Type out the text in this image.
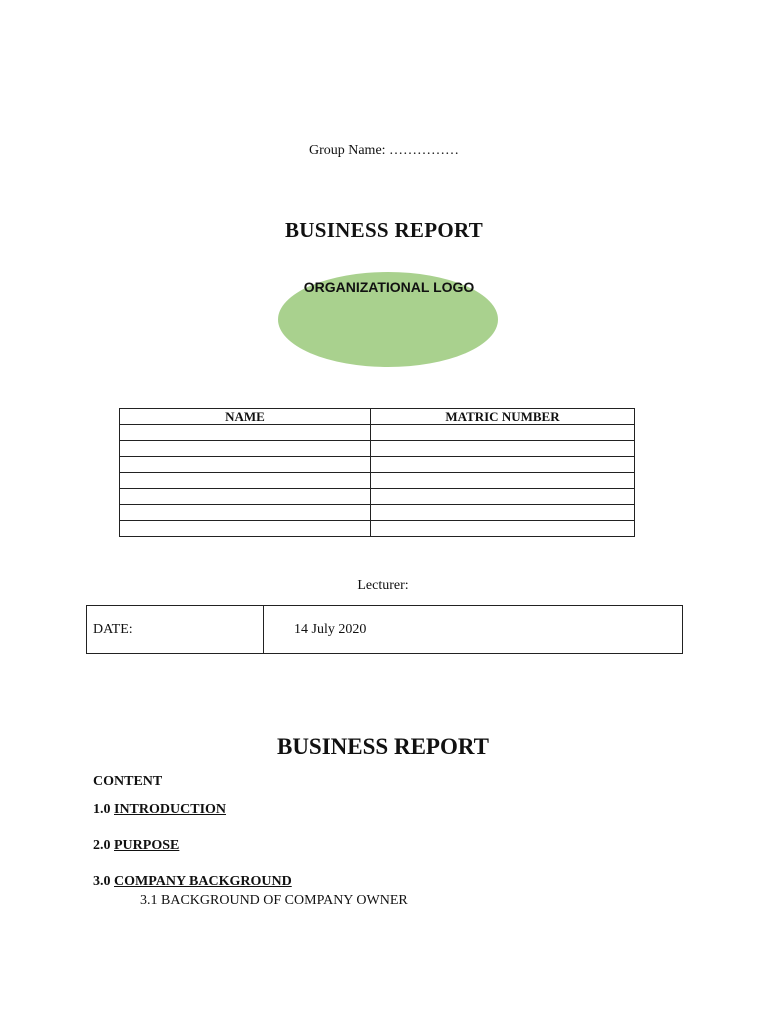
Group Name: ……………
BUSINESS REPORT
ORGANIZATIONAL LOGO
NAME	MATRIC NUMBER

Lecturer:
DATE:	14 July 2020
BUSINESS REPORT
CONTENT
1.0 INTRODUCTION
2.0 PURPOSE
3.0 COMPANY BACKGROUND
3.1 BACKGROUND OF COMPANY OWNER
